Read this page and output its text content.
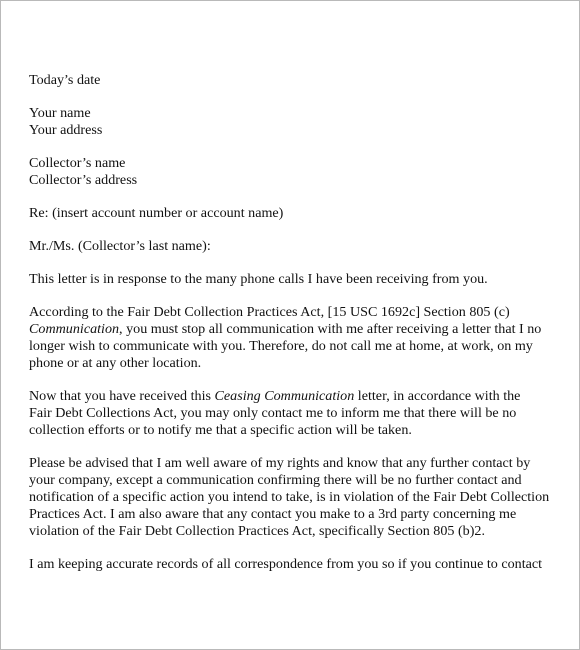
Today’s date
Your name
Your address
Collector’s name
Collector’s address
Re: (insert account number or account name)
Mr./Ms. (Collector’s last name):
This letter is in response to the many phone calls I have been receiving from you.
According to the Fair Debt Collection Practices Act, [15 USC 1692c] Section 805 (c)
Communication, you must stop all communication with me after receiving a letter that I no
longer wish to communicate with you. Therefore, do not call me at home, at work, on my
phone or at any other location.
Now that you have received this Ceasing Communication letter, in accordance with the
Fair Debt Collections Act, you may only contact me to inform me that there will be no
collection efforts or to notify me that a specific action will be taken.
Please be advised that I am well aware of my rights and know that any further contact by
your company, except a communication confirming there will be no further contact and
notification of a specific action you intend to take, is in violation of the Fair Debt Collection
Practices Act. I am also aware that any contact you make to a 3rd party concerning me
violation of the Fair Debt Collection Practices Act, specifically Section 805 (b)2.
I am keeping accurate records of all correspondence from you so if you continue to contact
